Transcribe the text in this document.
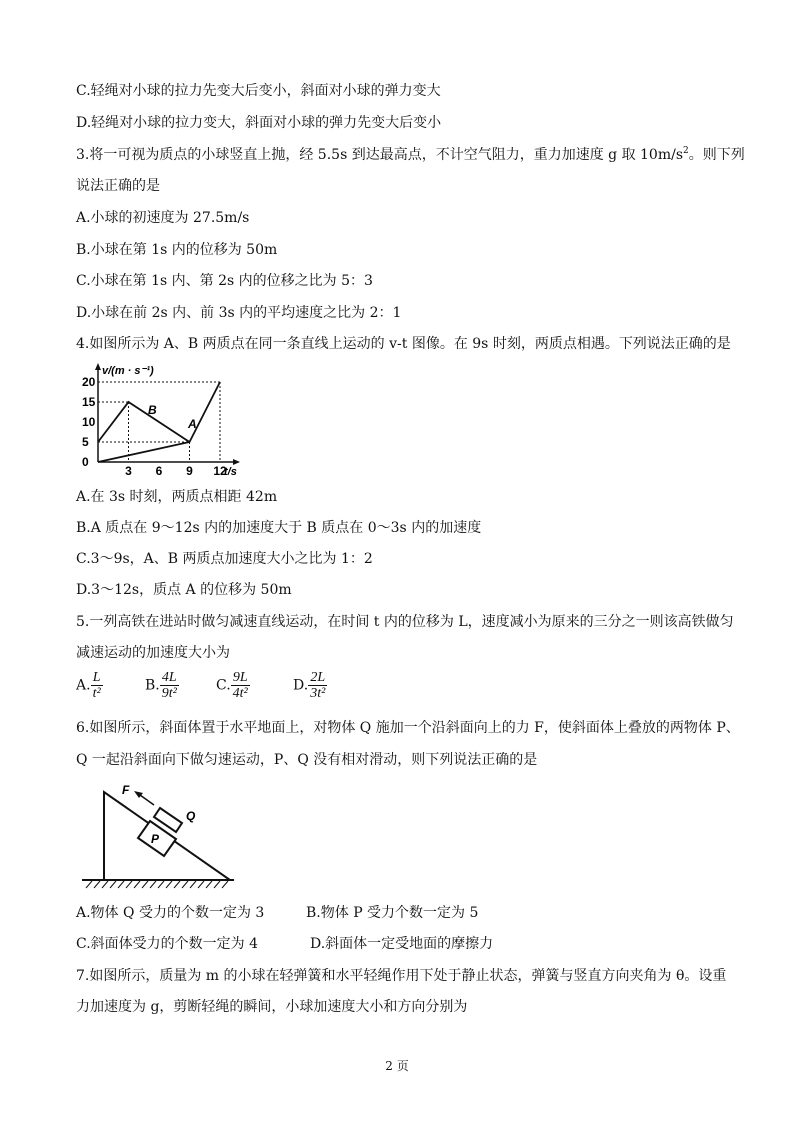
C.轻绳对小球的拉力先变大后变小，斜面对小球的弹力变大
D.轻绳对小球的拉力变大，斜面对小球的弹力先变大后变小
3.将一可视为质点的小球竖直上抛，经 5.5s 到达最高点，不计空气阻力，重力加速度 g 取 $10m/s^2$。则下列
说法正确的是
A.小球的初速度为 27.5m/s
B.小球在第 1s 内的位移为 50m
C.小球在第 1s 内、第 2s 内的位移之比为 5：3
D.小球在前 2s 内、前 3s 内的平均速度之比为 2：1
4.如图所示为 A、B 两质点在同一条直线上运动的 v-t 图像。在 9s 时刻，两质点相遇。下列说法正确的是
20
15
10
5
0
3 6 9 12
v/(m · s⁻¹)
t/s
B
A
A.在 3s 时刻，两质点相距 42m
B.A 质点在 9～12s 内的加速度大于 B 质点在 0～3s 内的加速度
C.3～9s，A、B 两质点加速度大小之比为 1：2
D.3～12s，质点 A 的位移为 50m
5.一列高铁在进站时做匀减速直线运动，在时间 t 内的位移为 L，速度减小为原来的三分之一则该高铁做匀
减速运动的加速度大小为
A. $\frac{L}{\text{t²}}$	B. $\frac{4L}{\text{9t²}}$	C. $\frac{9L}{\text{4t²}}$	D. $\frac{2L}{\text{3t²}}$
6.如图所示，斜面体置于水平地面上，对物体 Q 施加一个沿斜面向上的力 F，使斜面体上叠放的两物体 P、
Q 一起沿斜面向下做匀速运动，P、Q 没有相对滑动，则下列说法正确的是
F
Q
P
A.物体 Q 受力的个数一定为 3	B.物体 P 受力个数一定为 5
C.斜面体受力的个数一定为 4	D.斜面体一定受地面的摩擦力
7.如图所示，质量为 m 的小球在轻弹簧和水平轻绳作用下处于静止状态，弹簧与竖直方向夹角为 θ。设重
力加速度为 g，剪断轻绳的瞬间，小球加速度大小和方向分别为
2 页
